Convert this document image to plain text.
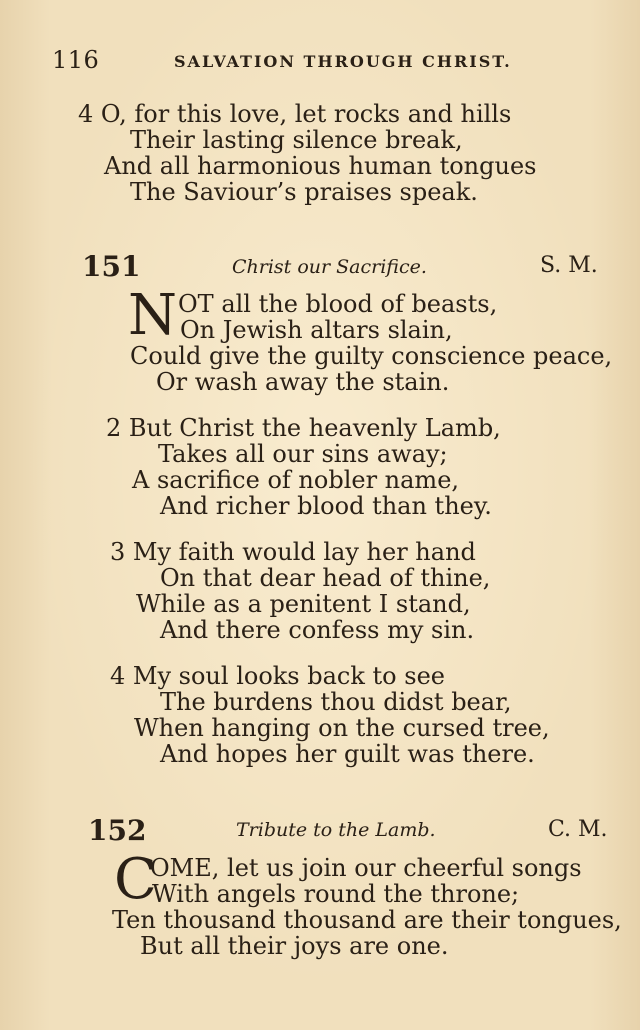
116	SALVATION THROUGH CHRIST.
4 O, for this love, let rocks and hills
Their lasting silence break,
And all harmonious human tongues
The Saviour’s praises speak.
151	Christ our Sacrifice.	S. M.
N OT all the blood of beasts,
On Jewish altars slain,
Could give the guilty conscience peace,
Or wash away the stain.
2 But Christ the heavenly Lamb,
Takes all our sins away;
A sacrifice of nobler name,
And richer blood than they.
3 My faith would lay her hand
On that dear head of thine,
While as a penitent I stand,
And there confess my sin.
4 My soul looks back to see
The burdens thou didst bear,
When hanging on the cursed tree,
And hopes her guilt was there.
152	Tribute to the Lamb.	C. M.
C
OME, let us join our cheerful songs
With angels round the throne;
Ten thousand thousand are their tongues,
But all their joys are one.
